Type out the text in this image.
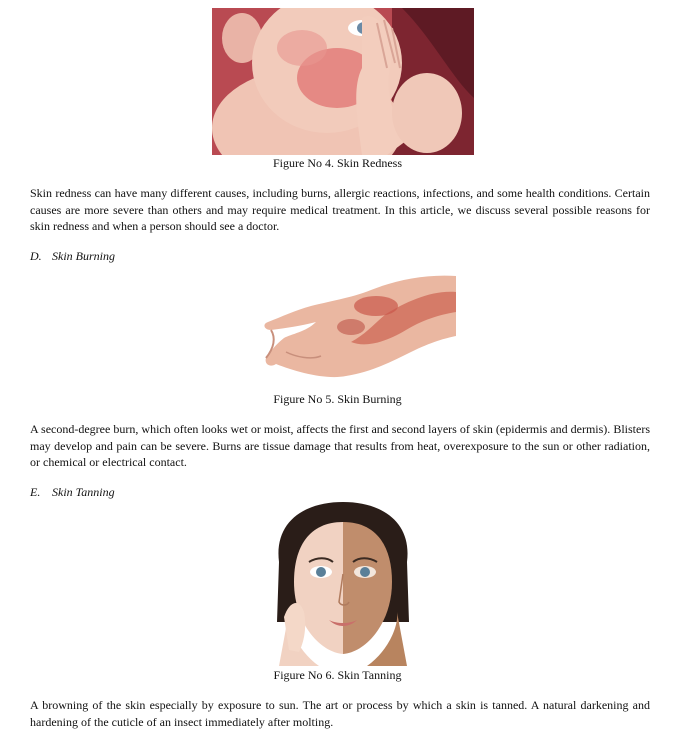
Figure No 4. Skin Redness

Skin redness can have many different causes, including burns, allergic reactions, infections, and some health conditions. Certain causes are more severe than others and may require medical treatment. In this article, we discuss several possible reasons for skin redness and when a person should see a doctor.

D. Skin Burning

Figure No 5. Skin Burning

A second-degree burn, which often looks wet or moist, affects the first and second layers of skin (epidermis and dermis). Blisters may develop and pain can be severe. Burns are tissue damage that results from heat, overexposure to the sun or other radiation, or chemical or electrical contact.

E. Skin Tanning

Figure No 6. Skin Tanning

A browning of the skin especially by exposure to sun. The art or process by which a skin is tanned. A natural darkening and hardening of the cuticle of an insect immediately after molting.
